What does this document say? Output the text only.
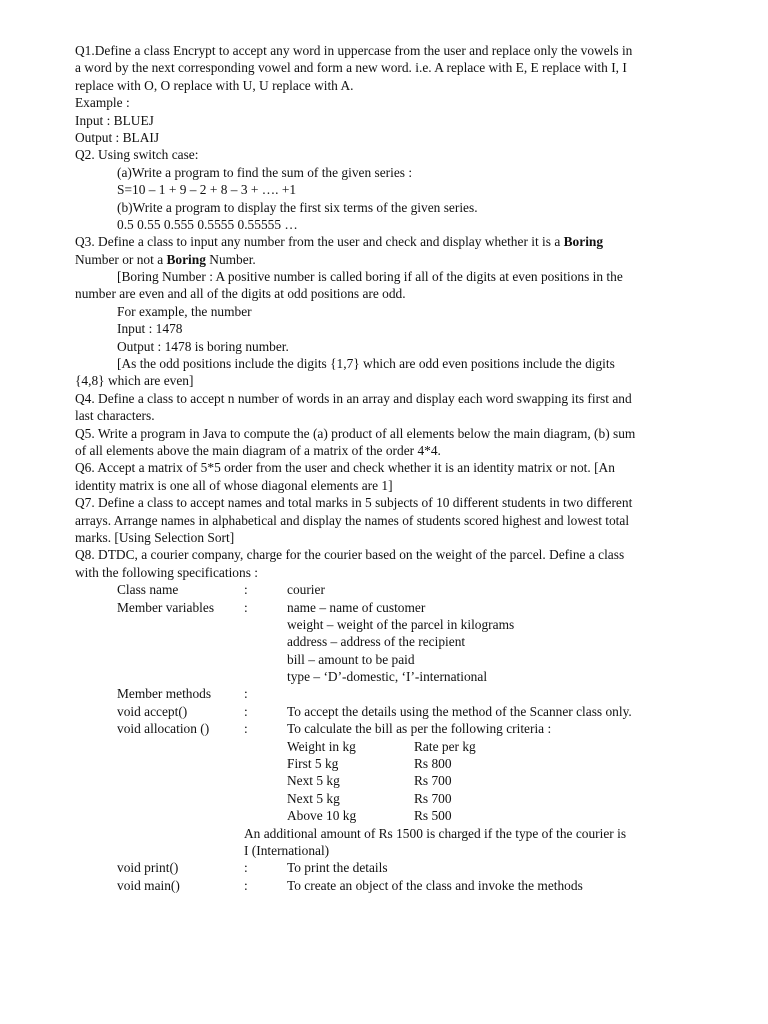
Q1.Define a class Encrypt to accept any word in uppercase from the user and replace only the vowels in
a word by the next corresponding vowel and form a new word. i.e. A replace with E, E replace with I, I
replace with O, O replace with U, U replace with A.
Example :
Input : BLUEJ
Output : BLAIJ
Q2. Using switch case:
(a)Write a program to find the sum of the given series :
S=10 – 1 + 9 – 2 + 8 – 3 + …. +1
(b)Write a program to display the first six terms of the given series.
0.5 0.55 0.555 0.5555 0.55555 …
Q3. Define a class to input any number from the user and check and display whether it is a Boring
Number or not a Boring Number.
[Boring Number : A positive number is called boring if all of the digits at even positions in the
number are even and all of the digits at odd positions are odd.
For example, the number
Input : 1478
Output : 1478 is boring number.
[As the odd positions include the digits {1,7} which are odd even positions include the digits
{4,8} which are even]
Q4. Define a class to accept n number of words in an array and display each word swapping its first and
last characters.
Q5. Write a program in Java to compute the (a) product of all elements below the main diagram, (b) sum
of all elements above the main diagram of a matrix of the order 4*4.
Q6. Accept a matrix of 5*5 order from the user and check whether it is an identity matrix or not. [An
identity matrix is one all of whose diagonal elements are 1]
Q7. Define a class to accept names and total marks in 5 subjects of 10 different students in two different
arrays. Arrange names in alphabetical and display the names of students scored highest and lowest total
marks. [Using Selection Sort]
Q8. DTDC, a courier company, charge for the courier based on the weight of the parcel. Define a class
with the following specifications :
Class name	:	courier
Member variables :	name – name of customer
weight – weight of the parcel in kilograms
address – address of the recipient
bill – amount to be paid
type – ‘D’-domestic, ‘I’-international
Member methods :
void accept()	:	To accept the details using the method of the Scanner class only.
void allocation ()	:	To calculate the bill as per the following criteria :
Weight in kg	Rate per kg
First 5 kg	Rs 800
Next 5 kg	Rs 700
Next 5 kg	Rs 700
Above 10 kg	Rs 500
An additional amount of Rs 1500 is charged if the type of the courier is
I (International)
void print()	:	To print the details
void main()	:	To create an object of the class and invoke the methods
